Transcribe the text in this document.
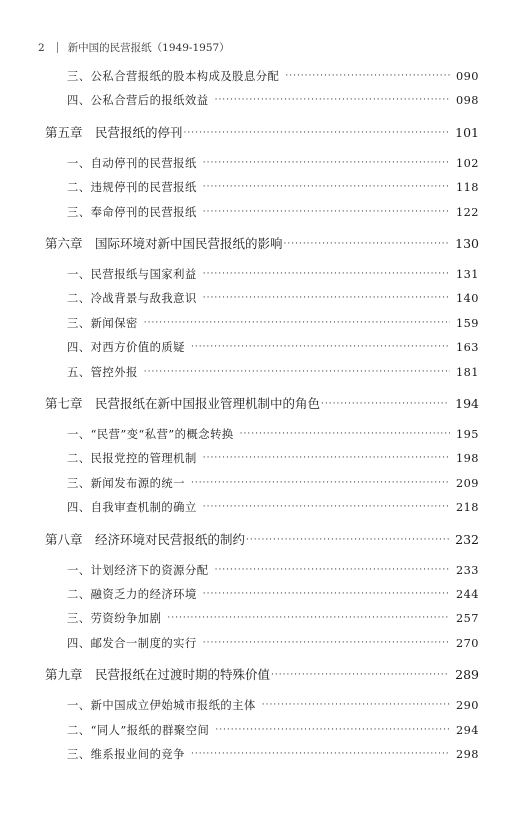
2 新中国的民营报纸（1949-1957）
三、公私合营报纸的股本构成及股息分配 ·····	090
四、公私合营后的报纸效益 ·····	098
第五章　民营报纸的停刊 ·····	101
一、自动停刊的民营报纸 ·····	102
二、违规停刊的民营报纸 ·····	118
三、奉命停刊的民营报纸 ·····	122
第六章　国际环境对新中国民营报纸的影响 ·····	130
一、民营报纸与国家利益 ·····	131
二、冷战背景与敌我意识 ·····	140
三、新闻保密 ·····	159
四、对西方价值的质疑 ·····	163
五、管控外报 ·····	181
第七章　民营报纸在新中国报业管理机制中的角色 ·····	194
一、“民营”变“私营”的概念转换 ·····	195
二、民报党控的管理机制 ·····	198
三、新闻发布源的统一 ·····	209
四、自我审查机制的确立 ·····	218
第八章　经济环境对民营报纸的制约 ·····	232
一、计划经济下的资源分配 ·····	233
二、融资乏力的经济环境 ·····	244
三、劳资纷争加剧 ·····	257
四、邮发合一制度的实行 ·····	270
第九章　民营报纸在过渡时期的特殊价值 ·····	289
一、新中国成立伊始城市报纸的主体 ·····	290
二、“同人”报纸的群聚空间 ·····	294
三、维系报业间的竞争 ·····	298
